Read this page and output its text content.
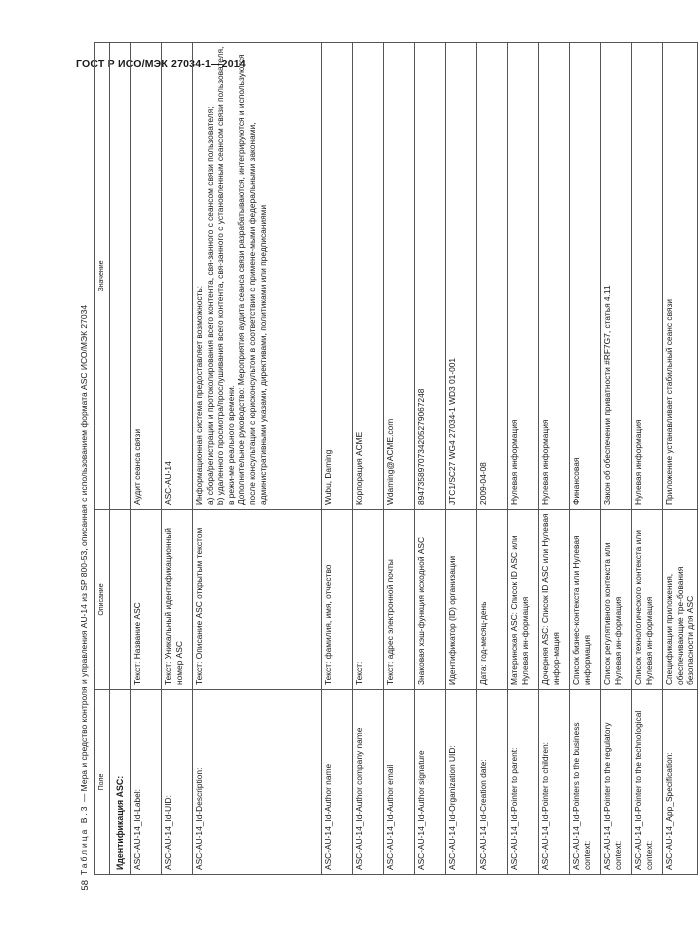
ГОСТ Р ИСО/МЭК 27034-1—2014
58
Таблица В.3 — Мера и средство контроля и управления AU-14 из SP 800-53, описанная с использованием формата ASC ИСО/МЭК 27034 Поле	Описание	Значение
Идентификация ASC:		
ASC-AU-14_Id-Label:	Текст: Название ASC	Аудит сеанса связи
ASC-AU-14_Id-UID:	Текст: Уникальный идентификационный номер ASC	ASC-AU-14
ASC-AU-14_Id-Description:	Текст: Описание ASC открытым текстом	Информационная система предоставляет возможность: a) сбора/регистрации и протоколирования всего контента, свя-занного с сеансом связи пользователя; b) удаленного просмотра/прослушивания всего контента, свя-занного с установленным сеансом связи пользователя, в режи-ме реального времени. Дополнительное руководство: Мероприятия аудита сеанса связи разрабатываются, интегрируются и используются после консультации с юрисконсультом в соответствии с примене-мыми федеральными законами, административными указами, директивами, политиками или предписаниями

ASC-AU-14_Id-Author name	Текст: фамилия, имя, отчество	Wubu, Daming
ASC-AU-14_Id-Author company name	Текст:	Корпорация ACME
ASC-AU-14_Id-Author email	Текст: адрес электронной почты	Wdaming@ACME.com
ASC-AU-14_Id-Author signature	Знаковая хэш-функция исходной ASC	8947358970734205279067248
ASC-AU-14_Id-Organization UID:	Идентификатор (ID) организации	JTC1/SC27 WG4 27034-1 WD3 01-001
ASC-AU-14_Id-Creation date:	Дата: год-месяц-день	2009-04-08
ASC-AU-14_Id-Pointer to parent:	Материнская ASC: Список ID ASC или Нулевая ин-формация	Нулевая информация
ASC-AU-14_Id-Pointer to children:	Дочерняя ASC: Список ID ASC или Нулевая инфор-мация	Нулевая информация
ASC-AU-14_Id-Pointers to the business context:	Список бизнес-контекста или Нулевая информация	Финансовая
ASC-AU-14_Id-Pointer to the regulatory context:	Список регулятивного контекста или Нулевая ин-формация	Закон об обеспечении приватности #RF7G7, статья 4.11
ASC-AU-14_Id-Pointer to the technological context:	Список технологического контекста или Нулевая ин-формация	Нулевая информация
ASC-AU-14_App_Specification:	Спецификации приложения, обеспечивающие тре-бования безопасности для ASC	Приложение устанавливает стабильный сеанс связи
